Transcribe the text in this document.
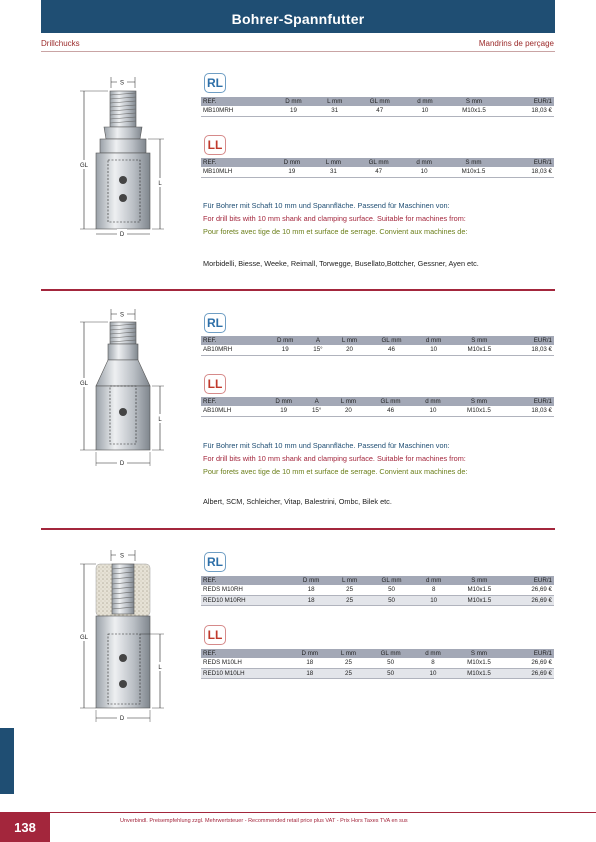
Bohrer-Spannfutter
Drillchucks	Mandrins de perçage
S
GL
L
D
RL
REF.	D mm	L mm	GL mm	d mm	S mm	EUR/1
MB10MRH	19	31	47	10	M10x1.5	18,03 €
LL
REF.	D mm	L mm	GL mm	d mm	S mm	EUR/1
MB10MLH	19	31	47	10	M10x1.5	18,03 €
Für Bohrer mit Schaft 10 mm und Spannfläche. Passend für Maschinen von:
For drill bits with 10 mm shank and clamping surface. Suitable for machines from:
Pour forets avec tige de 10 mm et surface de serrage. Convient aux machines de:
Morbidelli, Biesse, Weeke, Reimall, Torwegge, Busellato,Bottcher, Gessner, Ayen etc.
S
GL
L
D
RL
REF.	D mm	A	L mm	GL mm	d mm	S mm	EUR/1
AB10MRH	19	15°	20	46	10	M10x1.5	18,03 €
LL
REF.	D mm	A	L mm	GL mm	d mm	S mm	EUR/1
AB10MLH	19	15°	20	46	10	M10x1.5	18,03 €
Für Bohrer mit Schaft 10 mm und Spannfläche. Passend für Maschinen von:
For drill bits with 10 mm shank and clamping surface. Suitable for machines from:
Pour forets avec tige de 10 mm et surface de serrage. Convient aux machines de:
Albert, SCM, Schleicher, Vitap, Balestrini, Ombc, Bilek etc.
S
GL
L
D
RL
REF.	D mm	L mm	GL mm	d mm	S mm	EUR/1
REDS M10RH	18	25	50	8	M10x1.5	26,69 €
RED10 M10RH	18	25	50	10	M10x1.5	26,69 €
LL
REF.	D mm	L mm	GL mm	d mm	S mm	EUR/1
REDS M10LH	18	25	50	8	M10x1.5	26,69 €
RED10 M10LH	18	25	50	10	M10x1.5	26,69 €
138	Unverbindl. Preisempfehlung zzgl. Mehrwertsteuer - Recommended retail price plus VAT - Prix Hors Taxes TVA en sus
